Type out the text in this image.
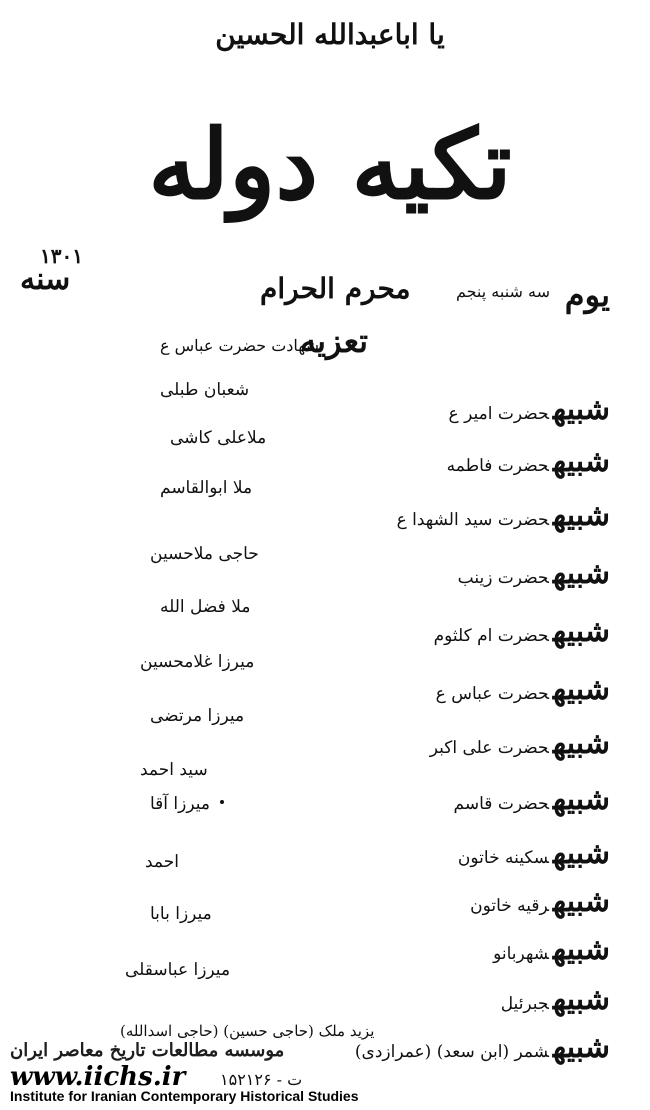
یا اباعبدالله الحسین
تکیه دوله
۱۳۰۱
سنه	محرم الحرام	یوم
سه شنبه پنجم
تعزیه
شهادت حضرت عباس ع
شبیهحضرت امیر ع
شبیهحضرت فاطمه
شبیهحضرت سید الشهدا ع
شبیهحضرت زینب
شبیهحضرت ام کلثوم
شبیهحضرت عباس ع
شبیهحضرت علی اکبر
شبیهحضرت قاسم
شبیهسکینه خاتون
شبیهرقیه خاتون
شبیهشهربانو
شبیهجبرئیل
شبیهشمر (ابن سعد) (عمرازدی)
شعبان طبلی
ملاعلی کاشی
ملا ابوالقاسم
حاجی ملاحسین
ملا فضل الله
میرزا غلامحسین
میرزا مرتضی
سید احمد
میرزا آقا
احمد
میرزا بابا
میرزا عباسقلی
یزید ملک (حاجی حسین) (حاجی اسدالله)
موسسه مطالعات تاریخ معاصر ایران
www.iichs.ir ۱۵۲۱۲۶ - ت
Institute for Iranian Contemporary Historical Studies
